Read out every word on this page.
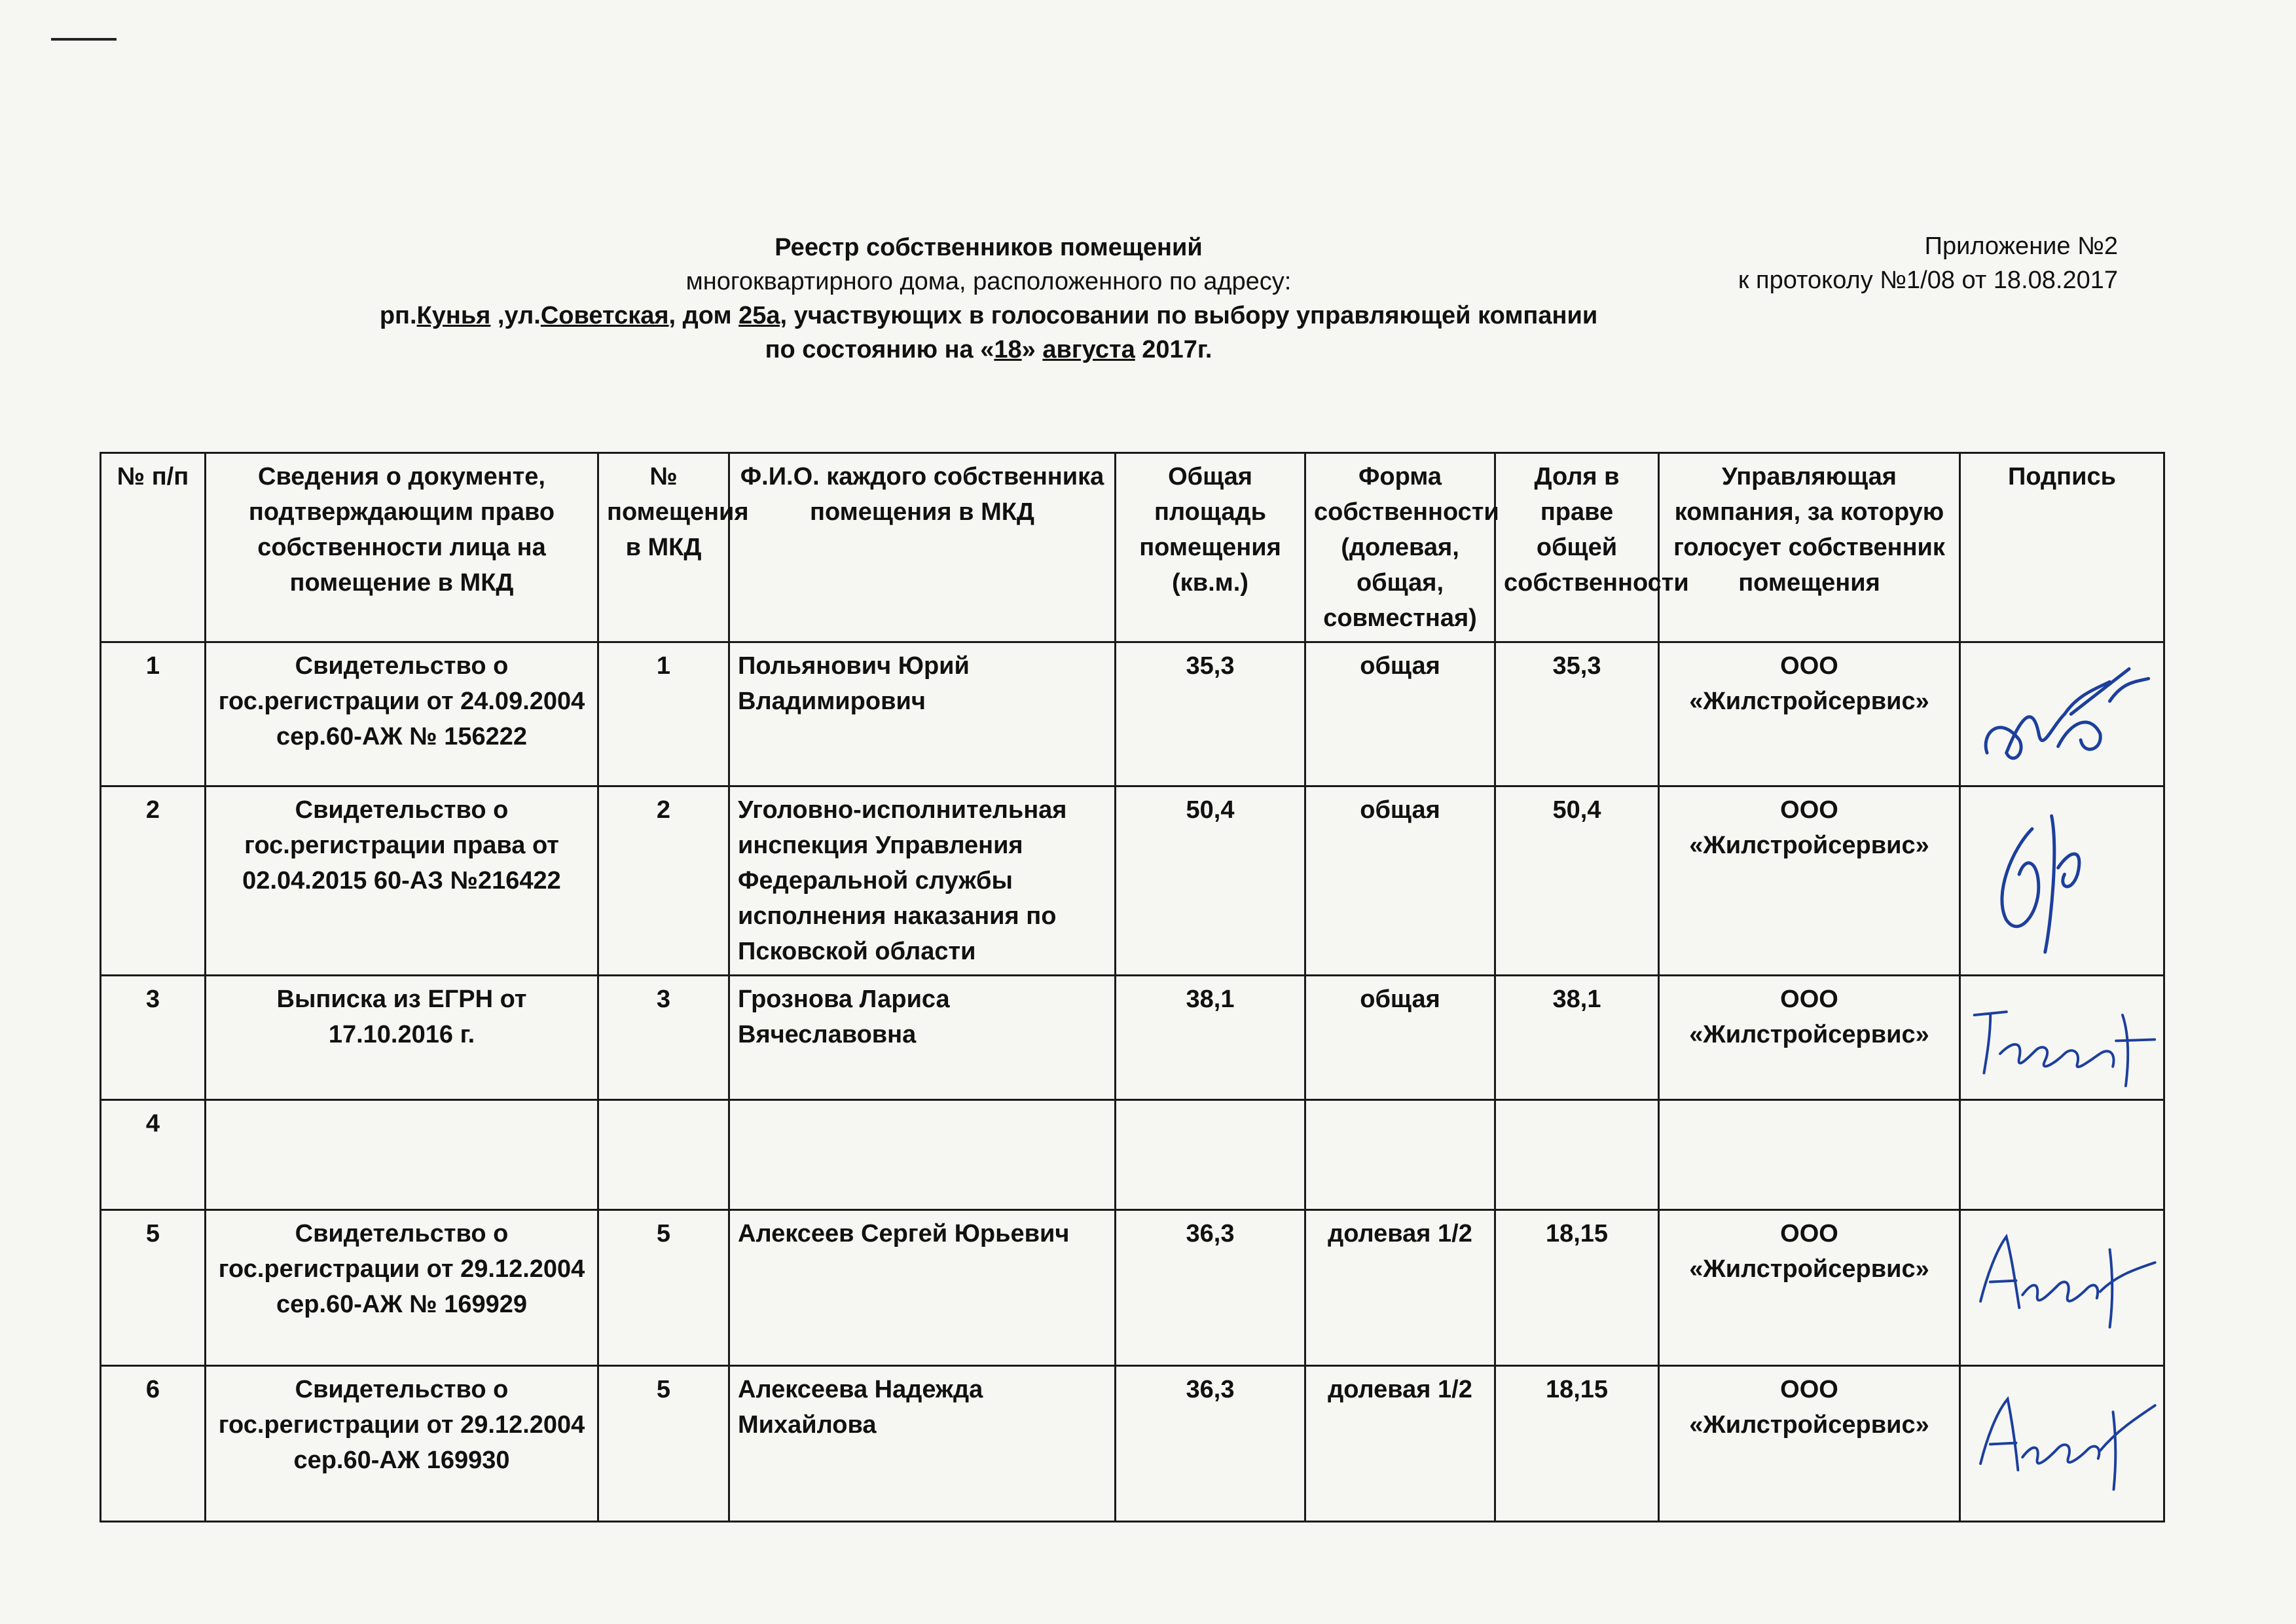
Приложение №2
к протоколу №1/08 от 18.08.2017
Реестр собственников помещений
многоквартирного дома, расположенного по адресу:
рп.Кунья ,ул.Советская, дом 25а, участвующих в голосовании по выбору управляющей компании
по состоянию на «18» августа 2017г.
№ п/п	Сведения о документе, подтверждающим право собственности лица на помещение в МКД	№ помещения в МКД	Ф.И.О. каждого собственника помещения в МКД	Общая площадь помещения (кв.м.)	Форма собственности (долевая, общая, совместная)	Доля в праве общей собственности	Управляющая компания, за которую голосует собственник помещения	Подпись
1	Свидетельство о гос.регистрации от 24.09.2004 сер.60-АЖ № 156222	1	Польянович Юрий Владимирович	35,3	общая	35,3	ООО «Жилстройсервис»	

2	Свидетельство о гос.регистрации права от 02.04.2015 60-АЗ №216422	2	Уголовно-исполнительная инспекция Управления Федеральной службы исполнения наказания по Псковской области	50,4	общая	50,4	ООО «Жилстройсервис»	

3	Выписка из ЕГРН от 17.10.2016 г.	3	Грознова Лариса Вячеславовна	38,1	общая	38,1	ООО «Жилстройсервис»	

4								
5	Свидетельство о гос.регистрации от 29.12.2004 сер.60-АЖ № 169929	5	Алексеев Сергей Юрьевич	36,3	долевая 1/2	18,15	ООО «Жилстройсервис»	

6	Свидетельство о гос.регистрации от 29.12.2004 сер.60-АЖ 169930	5	Алексеева Надежда Михайлова	36,3	долевая 1/2	18,15	ООО «Жилстройсервис»	
